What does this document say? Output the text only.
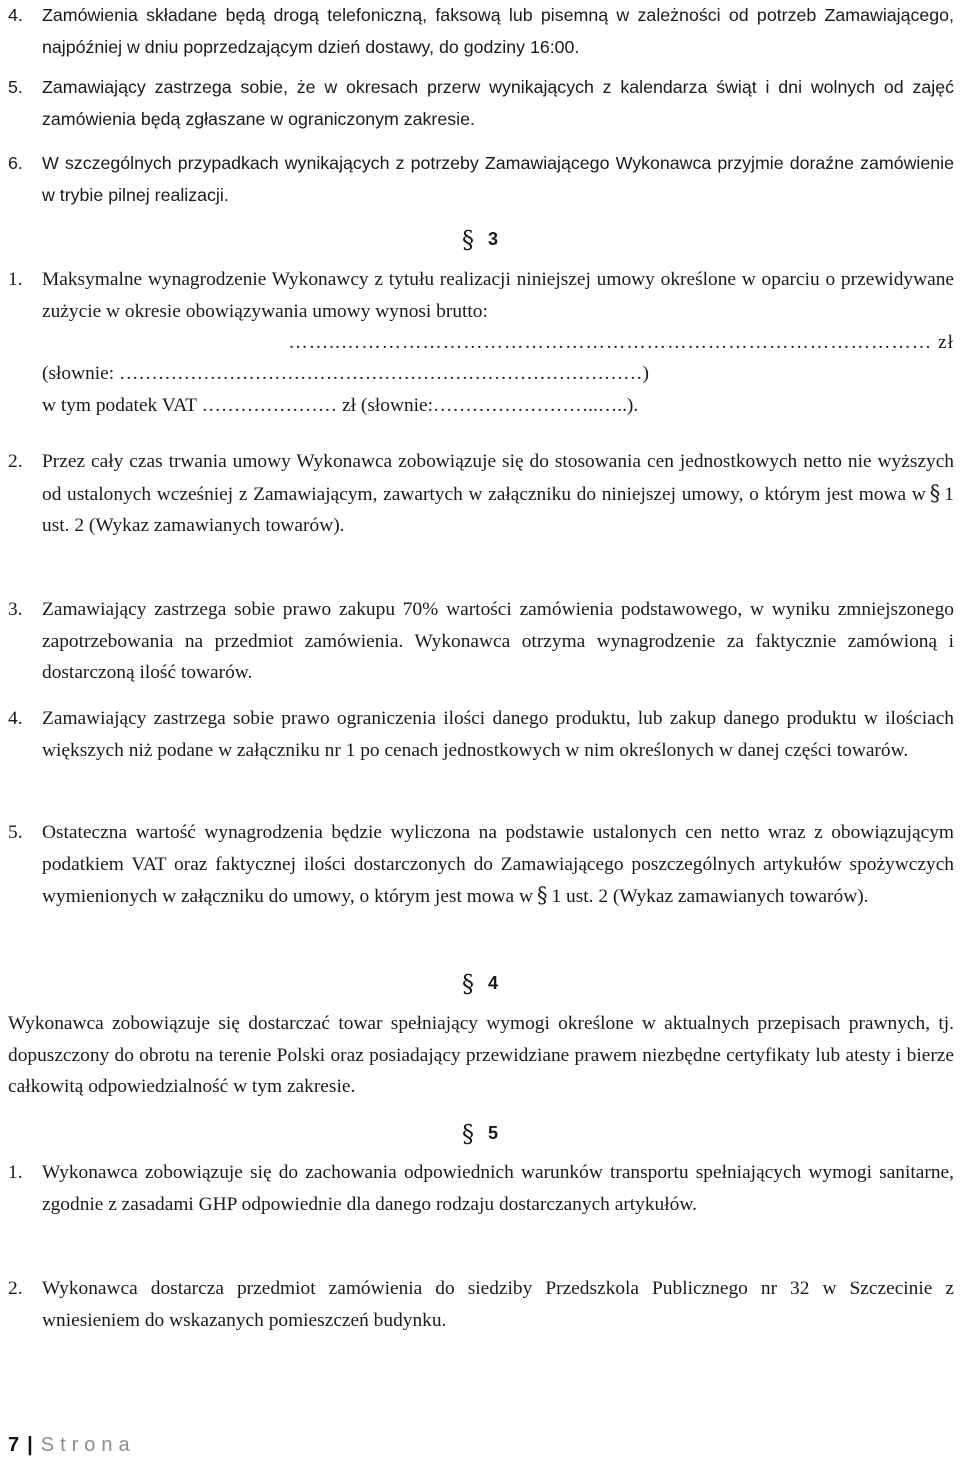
4. Zamówienia składane będą drogą telefoniczną, faksową lub pisemną w zależności od potrzeb Zamawiającego, najpóźniej w dniu poprzedzającym dzień dostawy, do godziny 16:00.
5. Zamawiający zastrzega sobie, że w okresach przerw wynikających z kalendarza świąt i dni wolnych od zajęć zamówienia będą zgłaszane w ograniczonym zakresie.
6. W szczególnych przypadkach wynikających z potrzeby Zamawiającego Wykonawca przyjmie doraźne zamówienie w trybie pilnej realizacji.
§ 3
1. Maksymalne wynagrodzenie Wykonawcy z tytułu realizacji niniejszej umowy określone w oparciu o przewidywane zużycie w okresie obowiązywania umowy wynosi brutto:
……..…………………………………………………………………………… zł
(słownie: ………………………………………………………………………)
w tym podatek VAT ………………… zł (słownie:……………………..…..).
2. Przez cały czas trwania umowy Wykonawca zobowiązuje się do stosowania cen jednostkowych netto nie wyższych od ustalonych wcześniej z Zamawiającym, zawartych w załączniku do niniejszej umowy, o którym jest mowa w § 1 ust. 2 (Wykaz zamawianych towarów).
3. Zamawiający zastrzega sobie prawo zakupu 70% wartości zamówienia podstawowego, w wyniku zmniejszonego zapotrzebowania na przedmiot zamówienia. Wykonawca otrzyma wynagrodzenie za faktycznie zamówioną i dostarczoną ilość towarów.
4. Zamawiający zastrzega sobie prawo ograniczenia ilości danego produktu, lub zakup danego produktu w ilościach większych niż podane w załączniku nr 1 po cenach jednostkowych w nim określonych w danej części towarów.
5. Ostateczna wartość wynagrodzenia będzie wyliczona na podstawie ustalonych cen netto wraz z obowiązującym podatkiem VAT oraz faktycznej ilości dostarczonych do Zamawiającego poszczególnych artykułów spożywczych wymienionych w załączniku do umowy, o którym jest mowa w § 1 ust. 2 (Wykaz zamawianych towarów).
§ 4
Wykonawca zobowiązuje się dostarczać towar spełniający wymogi określone w aktualnych przepisach prawnych, tj. dopuszczony do obrotu na terenie Polski oraz posiadający przewidziane prawem niezbędne certyfikaty lub atesty i bierze całkowitą odpowiedzialność w tym zakresie.
§ 5
1. Wykonawca zobowiązuje się do zachowania odpowiednich warunków transportu spełniających wymogi sanitarne, zgodnie z zasadami GHP odpowiednie dla danego rodzaju dostarczanych artykułów.
2. Wykonawca dostarcza przedmiot zamówienia do siedziby Przedszkola Publicznego nr 32 w Szczecinie z wniesieniem do wskazanych pomieszczeń budynku.
7 | Strona
